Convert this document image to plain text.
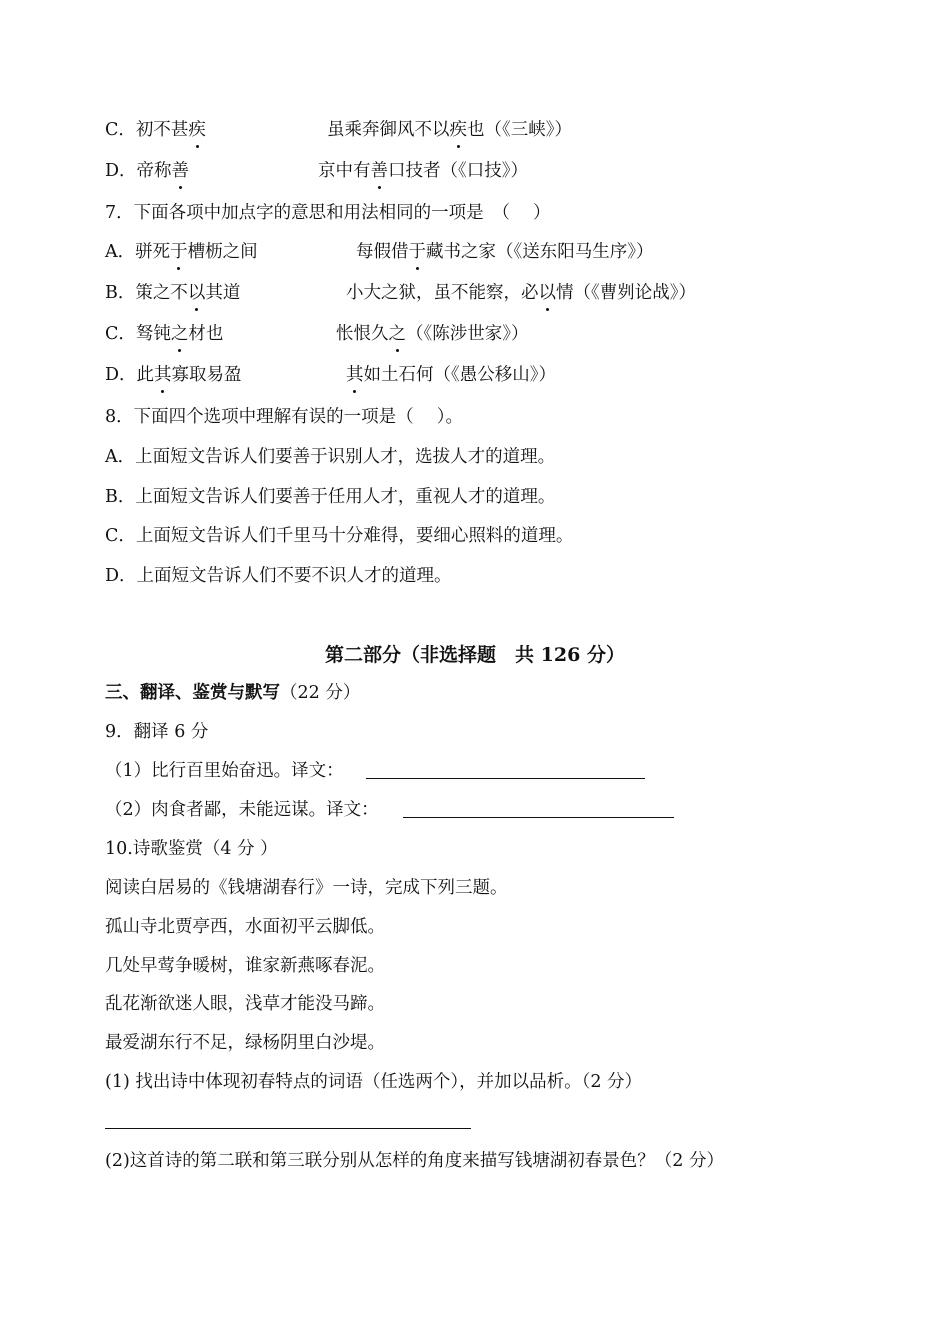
C．初不甚疾	虽乘奔御风不以疾也（《三峡》）
D．帝称善	京中有善口技者（《口技》）
7．下面各项中加点字的意思和用法相同的一项是　（　 ）
A．骈死于槽枥之间	每假借于藏书之家（《送东阳马生序》）
B．策之不以其道	小大之狱，虽不能察，必以情（《曹刿论战》）
C．驽钝之材也	怅恨久之（《陈涉世家》）
D．此其寡取易盈	其如土石何（《愚公移山》）
8．下面四个选项中理解有误的一项是（　 ）。
A．上面短文告诉人们要善于识别人才，选拔人才的道理。
B．上面短文告诉人们要善于任用人才，重视人才的道理。
C．上面短文告诉人们千里马十分难得，要细心照料的道理。
D．上面短文告诉人们不要不识人才的道理。
第二部分（非选择题　共 126 分）
三、翻译、鉴赏与默写（22 分）
9．翻译 6 分
（1）比行百里始奋迅。译文：
（2）肉食者鄙，未能远谋。译文：
10.诗歌鉴赏（4 分 ）
阅读白居易的《钱塘湖春行》一诗，完成下列三题。
孤山寺北贾亭西，水面初平云脚低。
几处早莺争暖树，谁家新燕啄春泥。
乱花渐欲迷人眼，浅草才能没马蹄。
最爱湖东行不足，绿杨阴里白沙堤。
(1) 找出诗中体现初春特点的词语（任选两个），并加以品析。（2 分）
(2)这首诗的第二联和第三联分别从怎样的角度来描写钱塘湖初春景色？（2 分）
